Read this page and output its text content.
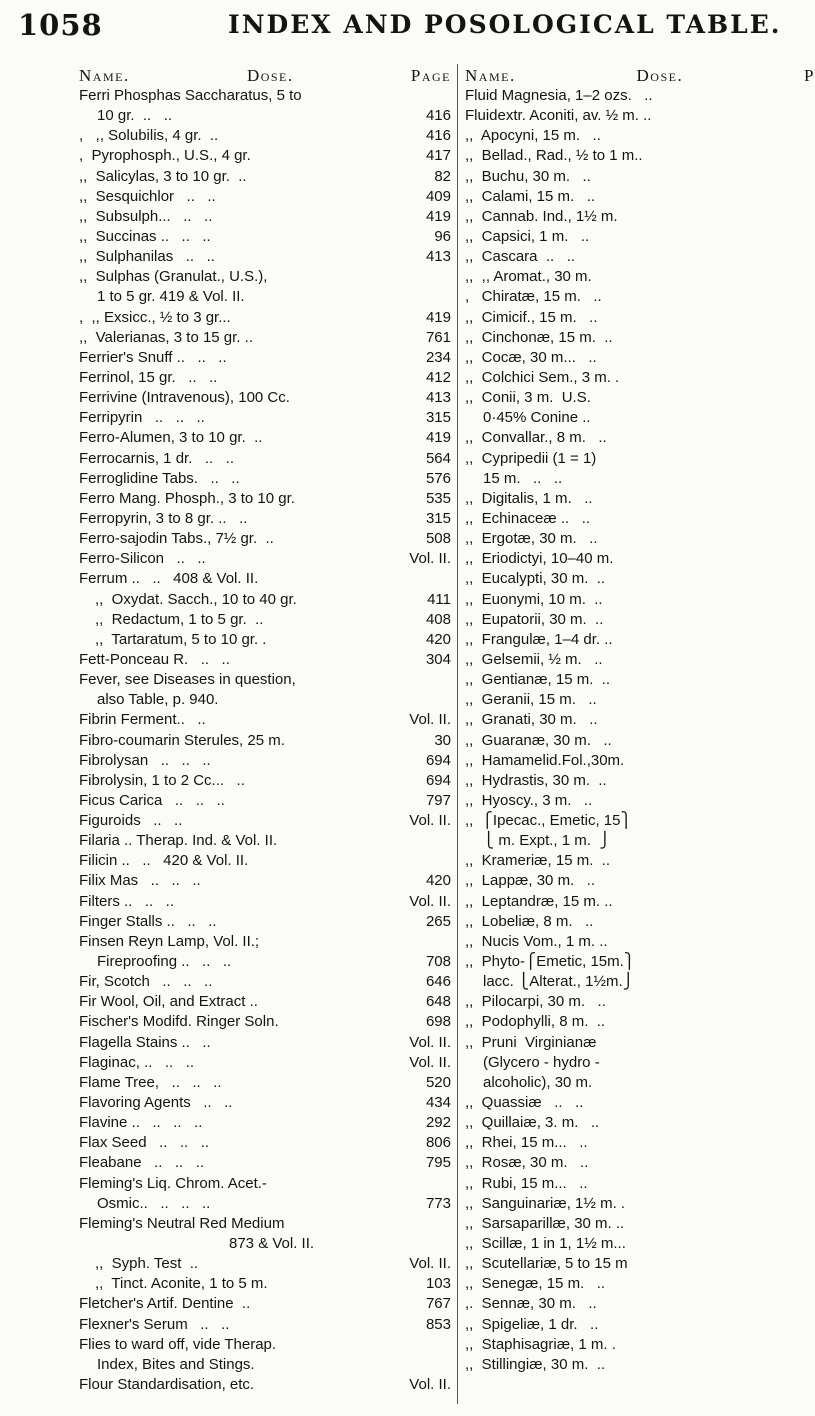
1058	INDEX AND POSOLOGICAL TABLE.
Name.	Dose.	Page
Ferri Phosphas Saccharatus, 5 to
10 gr.  ..   ..	416
,   ,, Solubilis, 4 gr.  ..	416
,  Pyrophosph., U.S., 4 gr.	417
,,  Salicylas, 3 to 10 gr.  ..	82
,,  Sesquichlor   ..   ..	409
,,  Subsulph...   ..   ..	419
,,  Succinas ..   ..   ..	96
,,  Sulphanilas   ..   ..	413
,,  Sulphas (Granulat., U.S.),
1 to 5 gr. 419 & Vol. II.
,  ,, Exsicc., ½ to 3 gr...	419
,,  Valerianas, 3 to 15 gr. ..	761
Ferrier's Snuff ..   ..   ..	234
Ferrinol, 15 gr.   ..   ..	412
Ferrivine (Intravenous), 100 Cc.	413
Ferripyrin   ..   ..   ..	315
Ferro-Alumen, 3 to 10 gr.  ..	419
Ferrocarnis, 1 dr.   ..   ..	564
Ferroglidine Tabs.   ..   ..	576
Ferro Mang. Phosph., 3 to 10 gr.	535
Ferropyrin, 3 to 8 gr. ..   ..	315
Ferro-sajodin Tabs., 7½ gr.  ..	508
Ferro-Silicon   ..   ..	Vol. II.
Ferrum ..   ..   408 & Vol. II.
,,  Oxydat. Sacch., 10 to 40 gr.	411
,,  Redactum, 1 to 5 gr.  ..	408
,,  Tartaratum, 5 to 10 gr. .	420
Fett-Ponceau R.   ..   ..	304
Fever, see Diseases in question,
also Table, p. 940.
Fibrin Ferment..   ..	Vol. II.
Fibro-coumarin Sterules, 25 m.	30
Fibrolysan   ..   ..   ..	694
Fibrolysin, 1 to 2 Cc...   ..	694
Ficus Carica   ..   ..   ..	797
Figuroids   ..   ..	Vol. II.
Filaria .. Therap. Ind. & Vol. II.
Filicin ..   ..   420 & Vol. II.
Filix Mas   ..   ..   ..	420
Filters ..   ..   ..	Vol. II.
Finger Stalls ..   ..   ..	265
Finsen Reyn Lamp, Vol. II.;
Fireproofing ..   ..   ..	708
Fir, Scotch   ..   ..   ..	646
Fir Wool, Oil, and Extract ..	648
Fischer's Modifd. Ringer Soln.	698
Flagella Stains ..   ..	Vol. II.
Flaginac, ..   ..   ..	Vol. II.
Flame Tree,   ..   ..   ..	520
Flavoring Agents   ..   ..	434
Flavine ..   ..   ..   ..	292
Flax Seed   ..   ..   ..	806
Fleabane   ..   ..   ..	795
Fleming's Liq. Chrom. Acet.-
Osmic..   ..   ..   ..	773
Fleming's Neutral Red Medium
873 & Vol. II.
,,  Syph. Test  ..	Vol. II.
,,  Tinct. Aconite, 1 to 5 m.	103
Fletcher's Artif. Dentine  ..	767
Flexner's Serum   ..   ..	853
Flies to ward off, vide Therap.
Index, Bites and Stings.
Flour Standardisation, etc.	Vol. II.
Name.	Dose.	P
Fluid Magnesia, 1–2 ozs.   ..
Fluidextr. Aconiti, av. ½ m. ..
,,  Apocyni, 15 m.   ..
,,  Bellad., Rad., ½ to 1 m..
,,  Buchu, 30 m.   ..
,,  Calami, 15 m.   ..
,,  Cannab. Ind., 1½ m.
,,  Capsici, 1 m.   ..
,,  Cascara  ..   ..
,,  ,, Aromat., 30 m.
,   Chiratæ, 15 m.   ..
,,  Cimicif., 15 m.   ..
,,  Cinchonæ, 15 m.  ..
,,  Cocæ, 30 m...   ..
,,  Colchici Sem., 3 m. .
,,  Conii, 3 m.  U.S.
0·45% Conine ..
,,  Convallar., 8 m.   ..
,,  Cypripedii (1 = 1)
15 m.   ..   ..
,,  Digitalis, 1 m.   ..
,,  Echinaceæ ..   ..
,,  Ergotæ, 30 m.   ..
,,  Eriodictyi, 10–40 m.
,,  Eucalypti, 30 m.  ..
,,  Euonymi, 10 m.  ..
,,  Eupatorii, 30 m.  ..
,,  Frangulæ, 1–4 dr. ..
,,  Gelsemii, ½ m.   ..
,,  Gentianæ, 15 m.  ..
,,  Geranii, 15 m.   ..
,,  Granati, 30 m.   ..
,,  Guaranæ, 30 m.   ..
,,  Hamamelid.Fol.,30m.
,,  Hydrastis, 30 m.  ..
,,  Hyoscy., 3 m.   ..
,,  ⎧Ipecac., Emetic, 15⎫
⎩ m. Expt., 1 m.  ⎭
,,  Krameriæ, 15 m.  ..
,,  Lappæ, 30 m.   ..
,,  Leptandræ, 15 m. ..
,,  Lobeliæ, 8 m.   ..
,,  Nucis Vom., 1 m. ..
,,  Phyto-⎧Emetic, 15m.⎫
lacc. ⎩Alterat., 1½m.⎭
,,  Pilocarpi, 30 m.   ..
,,  Podophylli, 8 m.  ..
,,  Pruni  Virginianæ
(Glycero - hydro -
alcoholic), 30 m.
,,  Quassiæ   ..   ..
,,  Quillaiæ, 3. m.   ..
,,  Rhei, 15 m...   ..
,,  Rosæ, 30 m.   ..
,,  Rubi, 15 m...   ..
,,  Sanguinariæ, 1½ m. .
,,  Sarsaparillæ, 30 m. ..
,,  Scillæ, 1 in 1, 1½ m...
,,  Scutellariæ, 5 to 15 m
,,  Senegæ, 15 m.   ..
,.  Sennæ, 30 m.   ..
,,  Spigeliæ, 1 dr.   ..
,,  Staphisagriæ, 1 m. .
,,  Stillingiæ, 30 m.  ..
